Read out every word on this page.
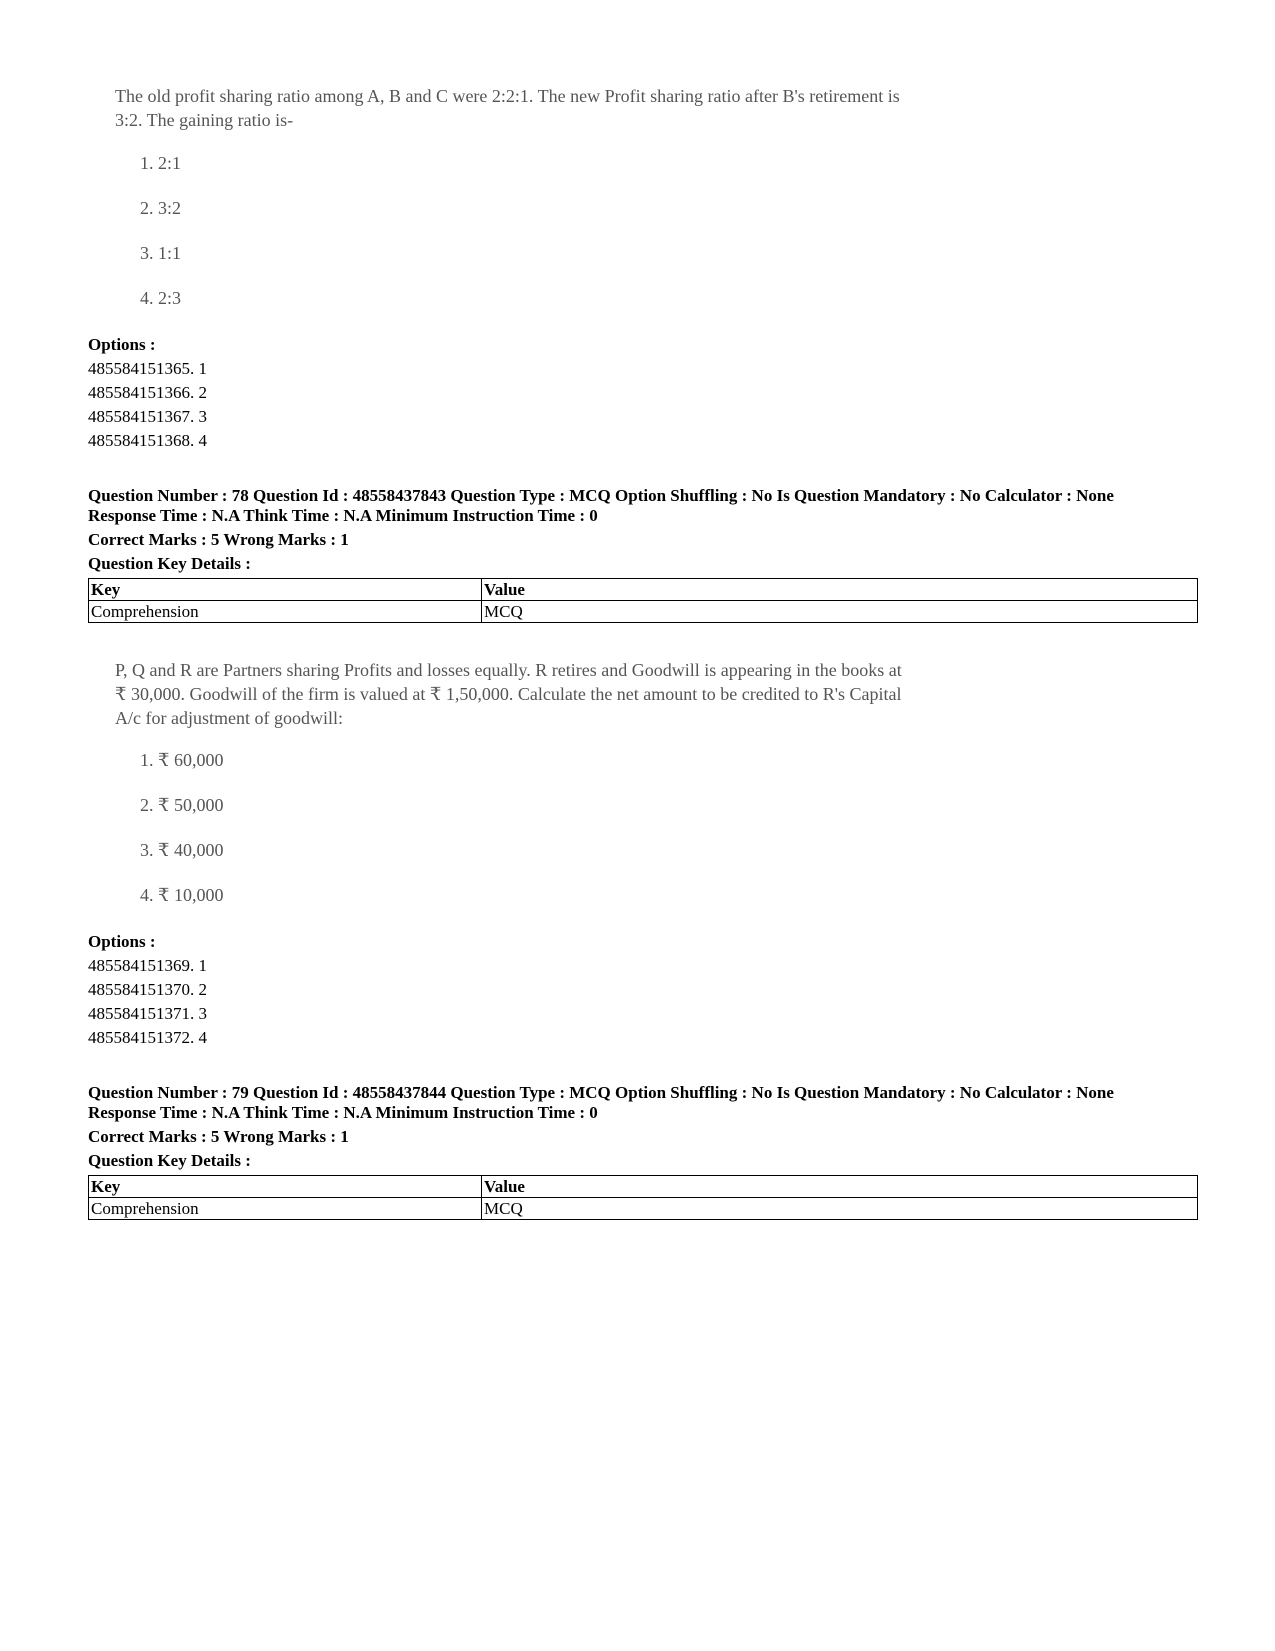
The old profit sharing ratio among A, B and C were 2:2:1. The new Profit sharing ratio after B's retirement is
3:2. The gaining ratio is-
1. 2:1
2. 3:2
3. 1:1
4. 2:3
Options :
485584151365. 1
485584151366. 2
485584151367. 3
485584151368. 4
Question Number : 78 Question Id : 48558437843 Question Type : MCQ Option Shuffling : No Is Question Mandatory : No Calculator : None
Response Time : N.A Think Time : N.A Minimum Instruction Time : 0
Correct Marks : 5 Wrong Marks : 1
Question Key Details :
Key	Value
Comprehension	MCQ
P, Q and R are Partners sharing Profits and losses equally. R retires and Goodwill is appearing in the books at
₹ 30,000. Goodwill of the firm is valued at ₹ 1,50,000. Calculate the net amount to be credited to R's Capital
A/c for adjustment of goodwill:
1. ₹ 60,000
2. ₹ 50,000
3. ₹ 40,000
4. ₹ 10,000
Options :
485584151369. 1
485584151370. 2
485584151371. 3
485584151372. 4
Question Number : 79 Question Id : 48558437844 Question Type : MCQ Option Shuffling : No Is Question Mandatory : No Calculator : None
Response Time : N.A Think Time : N.A Minimum Instruction Time : 0
Correct Marks : 5 Wrong Marks : 1
Question Key Details :
Key	Value
Comprehension	MCQ
